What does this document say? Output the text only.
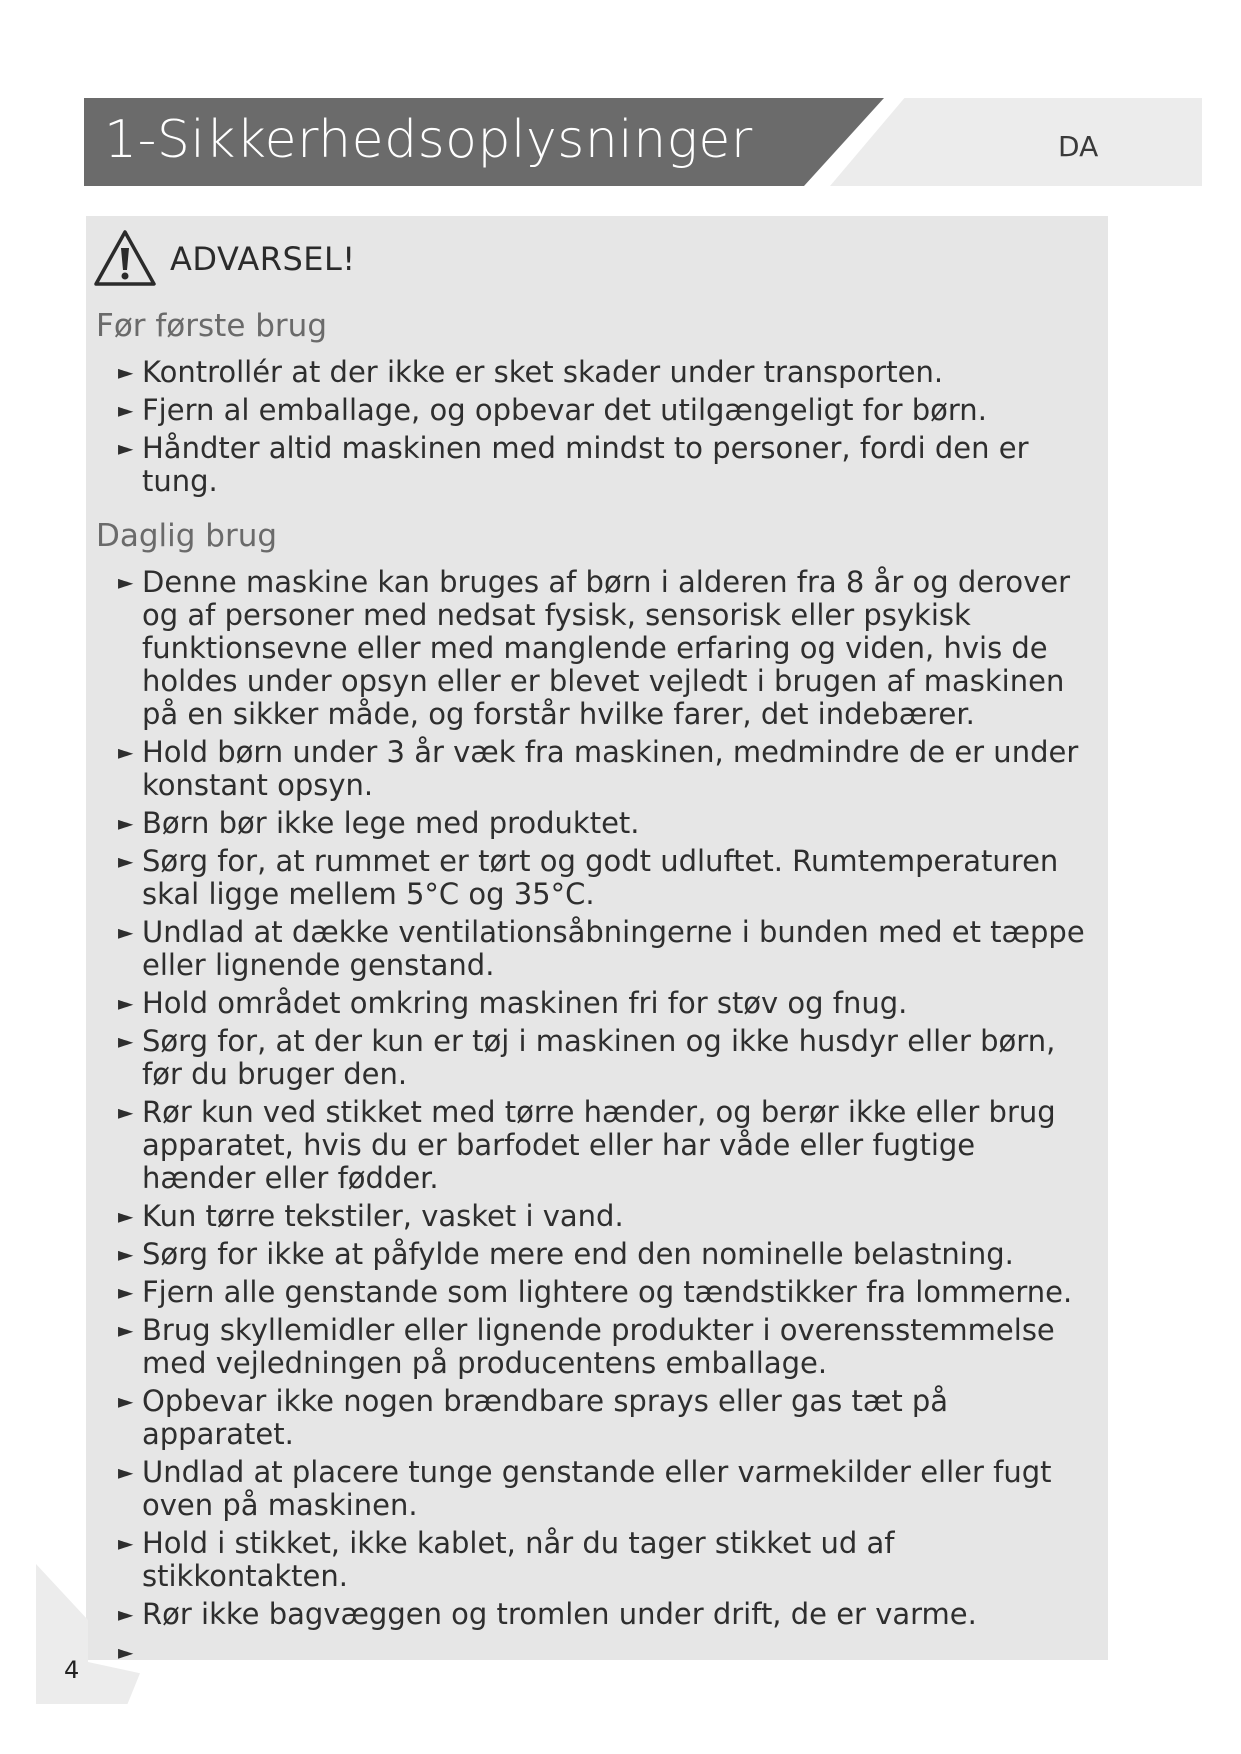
1-Sikkerhedsoplysninger	DA
ADVARSEL!
Før første brug
► Kontrollér at der ikke er sket skader under transporten.
► Fjern al emballage, og opbevar det utilgængeligt for børn.
► Håndter altid maskinen med mindst to personer, fordi den er tung.
Daglig brug
► Denne maskine kan bruges af børn i alderen fra 8 år og derover og af personer med nedsat fysisk, sensorisk eller psykisk funktionsevne eller med manglende erfaring og viden, hvis de holdes under opsyn eller er blevet vejledt i brugen af maskinen på en sikker måde, og forstår hvilke farer, det indebærer.
► Hold børn under 3 år væk fra maskinen, medmindre de er under konstant opsyn.
► Børn bør ikke lege med produktet.
► Sørg for, at rummet er tørt og godt udluftet. Rumtemperaturen skal ligge mellem 5°C og 35°C.
► Undlad at dække ventilationsåbningerne i bunden med et tæppe eller lignende genstand.
► Hold området omkring maskinen fri for støv og fnug.
► Sørg for, at der kun er tøj i maskinen og ikke husdyr eller børn, før du bruger den.
► Rør kun ved stikket med tørre hænder, og berør ikke eller brug apparatet, hvis du er barfodet eller har våde eller fugtige hænder eller fødder.
► Kun tørre tekstiler, vasket i vand.
► Sørg for ikke at påfylde mere end den nominelle belastning.
► Fjern alle genstande som lightere og tændstikker fra lommerne.
► Brug skyllemidler eller lignende produkter i overensstemmelse med vejledningen på producentens emballage.
► Opbevar ikke nogen brændbare sprays eller gas tæt på apparatet.
► Undlad at placere tunge genstande eller varmekilder eller fugt oven på maskinen.
► Hold i stikket, ikke kablet, når du tager stikket ud af stikkontakten.
► Rør ikke bagvæggen og tromlen under drift, de er varme.
►
4
